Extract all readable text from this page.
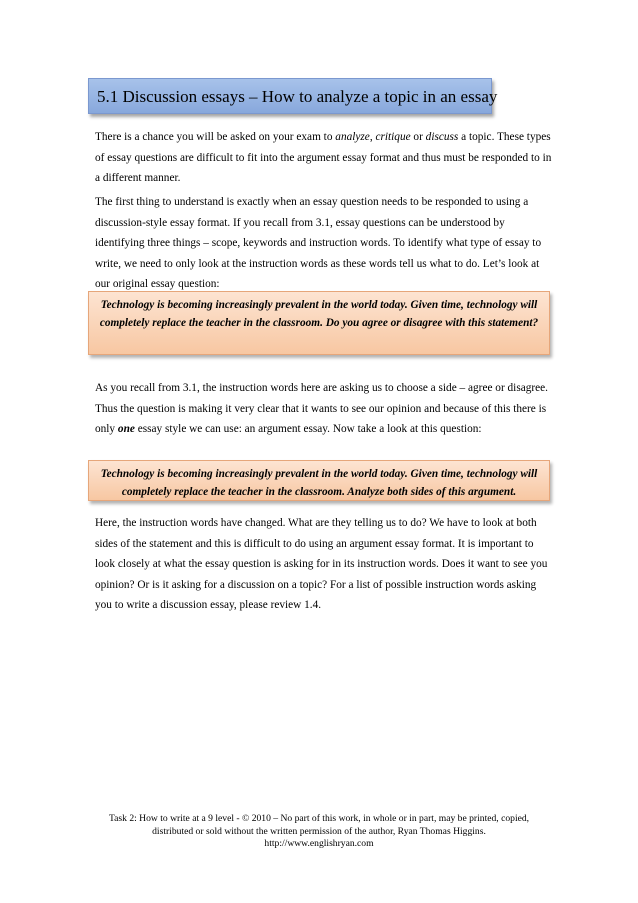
5.1 Discussion essays – How to analyze a topic in an essay

There is a chance you will be asked on your exam to analyze, critique or discuss a topic. These types of essay questions are difficult to fit into the argument essay format and thus must be responded to in a different manner.

The first thing to understand is exactly when an essay question needs to be responded to using a discussion-style essay format. If you recall from 3.1, essay questions can be understood by identifying three things – scope, keywords and instruction words. To identify what type of essay to write, we need to only look at the instruction words as these words tell us what to do. Let’s look at our original essay question:

Technology is becoming increasingly prevalent in the world today. Given time, technology will completely replace the teacher in the classroom. Do you agree or disagree with this statement?

As you recall from 3.1, the instruction words here are asking us to choose a side – agree or disagree. Thus the question is making it very clear that it wants to see our opinion and because of this there is only one essay style we can use: an argument essay. Now take a look at this question:

Technology is becoming increasingly prevalent in the world today. Given time, technology will completely replace the teacher in the classroom. Analyze both sides of this argument.

Here, the instruction words have changed. What are they telling us to do? We have to look at both sides of the statement and this is difficult to do using an argument essay format. It is important to look closely at what the essay question is asking for in its instruction words. Does it want to see you opinion? Or is it asking for a discussion on a topic? For a list of possible instruction words asking you to write a discussion essay, please review 1.4.

Task 2: How to write at a 9 level - © 2010 – No part of this work, in whole or in part, may be printed, copied, distributed or sold without the written permission of the author, Ryan Thomas Higgins.
http://www.englishryan.com
